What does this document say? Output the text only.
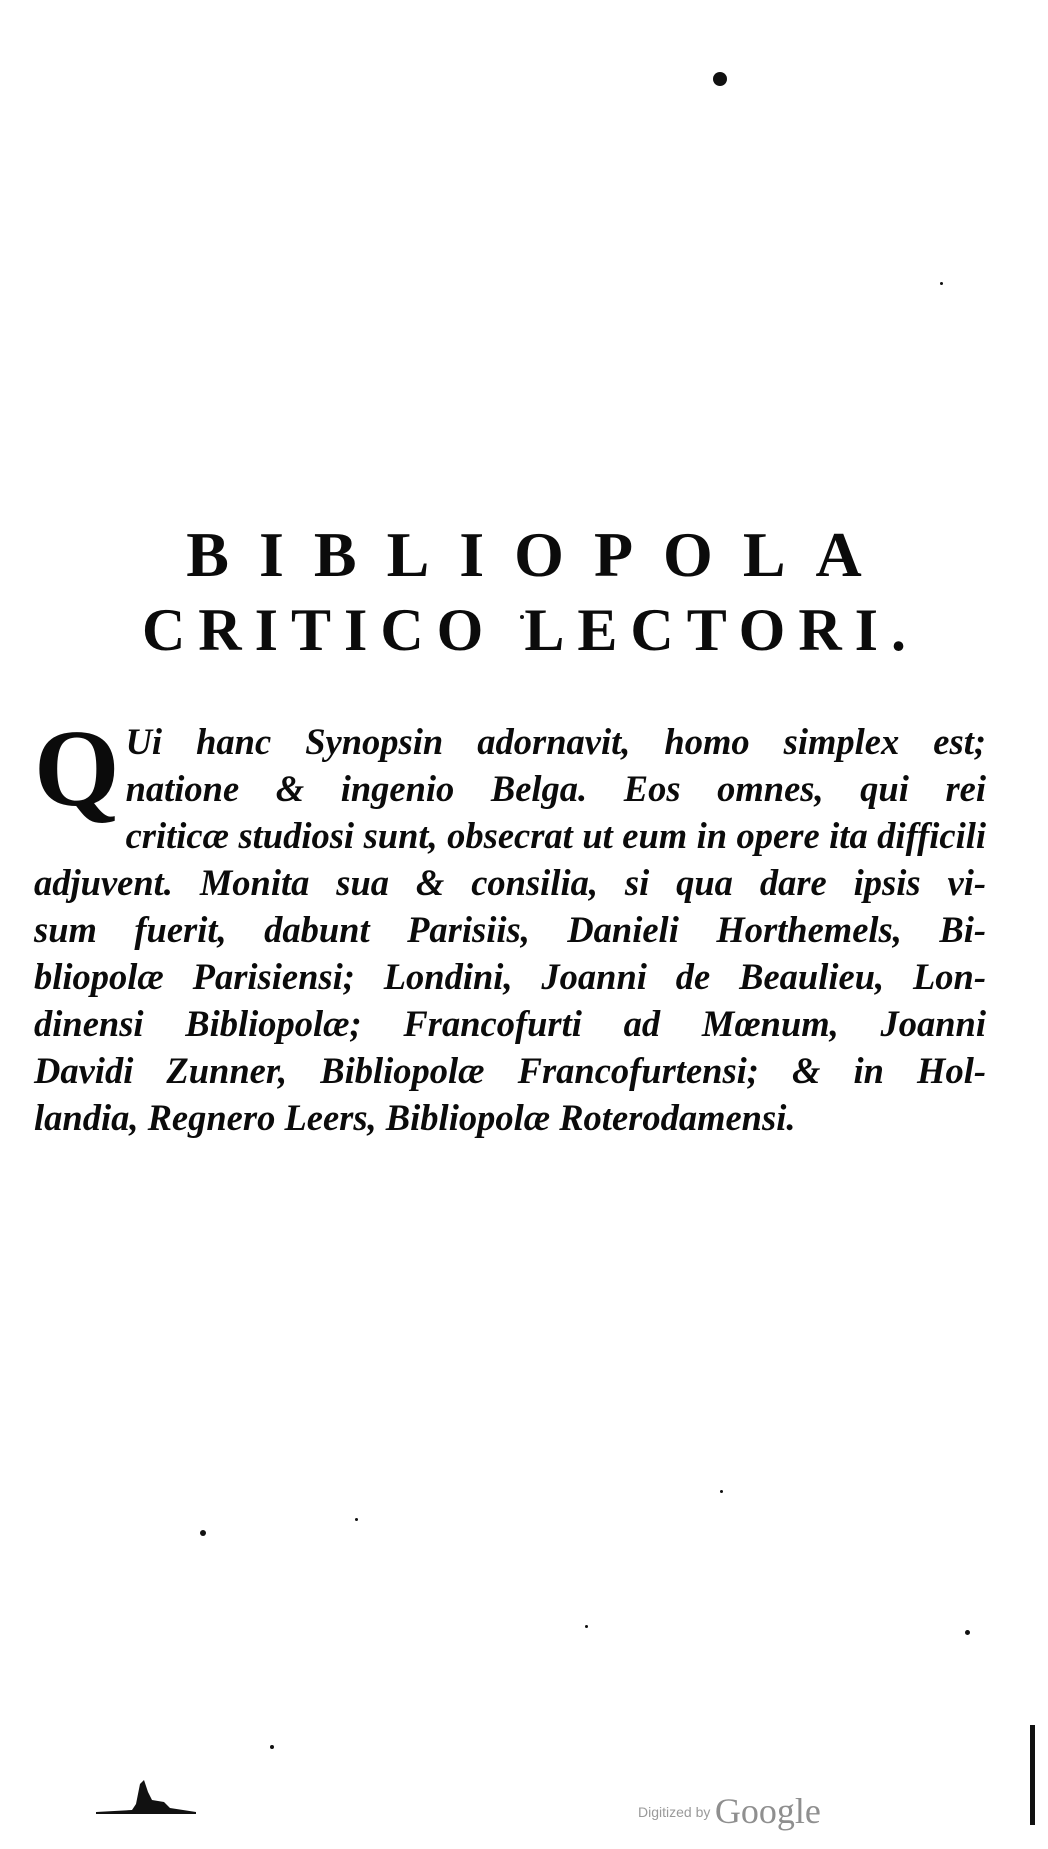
BIBLIOPOLA
CRITICO LECTORI.
Q Ui hanc Synopsin adornavit, homo simplex est;
natione & ingenio Belga. Eos omnes, qui rei
criticæ studiosi sunt, obsecrat ut eum in opere ita difficili
adjuvent. Monita sua & consilia, si qua dare ipsis vi-
sum fuerit, dabunt Parisiis, Danieli Horthemels, Bi-
bliopolæ Parisiensi; Londini, Joanni de Beaulieu, Lon-
dinensi Bibliopolæ; Francofurti ad Mœnum, Joanni
Davidi Zunner, Bibliopolæ Francofurtensi; & in Hol-
landia, Regnero Leers, Bibliopolæ Roterodamensi.
Digitized by Google
